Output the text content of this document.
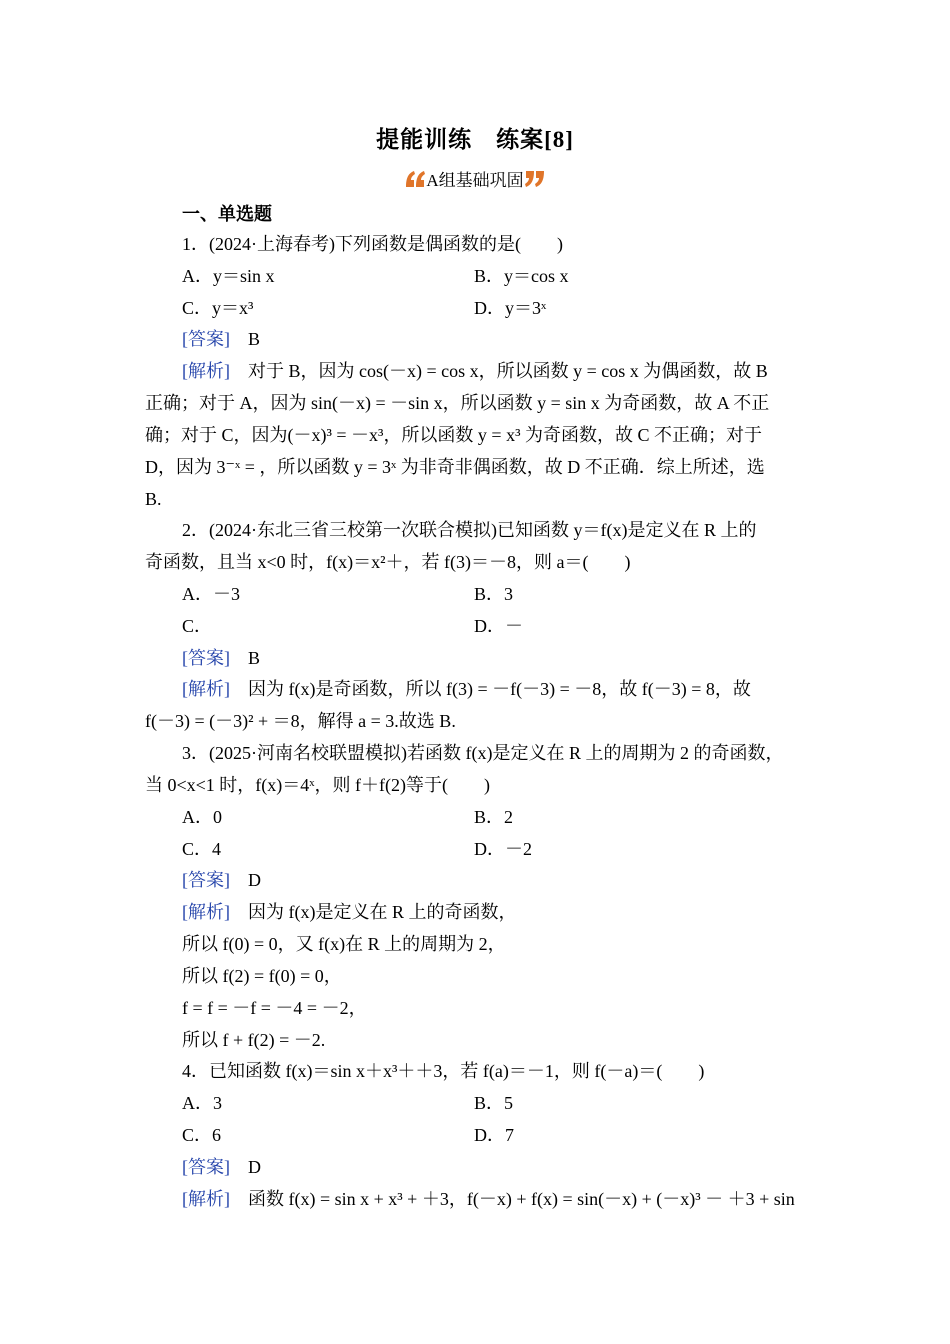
提能训练　练案[8]
A组基础巩固
一、单选题
1．(2024·上海春考)下列函数是偶函数的是(　　)
A．y＝sin x	B．y＝cos x
C．y＝x³	D．y＝3ˣ
[答案]　 B
[解析]　 对于 B，因为 cos(－x) = cos x，所以函数 y = cos x 为偶函数，故 B
正确；对于 A，因为 sin(－x) = －sin x，所以函数 y = sin x 为奇函数，故 A 不正
确；对于 C，因为(－x)³ = －x³，所以函数 y = x³ 为奇函数，故 C 不正确；对于
D，因为 3⁻ˣ = ，所以函数 y = 3ˣ 为非奇非偶函数，故 D 不正确．综上所述，选
B.
2．(2024·东北三省三校第一次联合模拟)已知函数 y＝f(x)是定义在 R 上的
奇函数，且当 x<0 时，f(x)＝x²＋，若 f(3)＝－8，则 a＝(　　)
A．－3	B．3
C．	D．－
[答案]　 B
[解析]　 因为 f(x)是奇函数，所以 f(3) = －f(－3) = －8，故 f(－3) = 8，故
f(－3) = (－3)² + ＝8，解得 a = 3.故选 B.
3．(2025·河南名校联盟模拟)若函数 f(x)是定义在 R 上的周期为 2 的奇函数，
当 0<x<1 时，f(x)＝4ˣ，则 f＋f(2)等于(　　)
A．0	B．2
C．4	D．－2
[答案]　 D
[解析]　 因为 f(x)是定义在 R 上的奇函数，
所以 f(0) = 0，又 f(x)在 R 上的周期为 2，
所以 f(2) = f(0) = 0，
f = f = －f = －4 = －2，
所以 f + f(2) = －2.
4．已知函数 f(x)＝sin x＋x³＋＋3，若 f(a)＝－1，则 f(－a)＝(　　)
A．3	B．5
C．6	D．7
[答案]　 D
[解析]　 函数 f(x) = sin x + x³ + ＋3，f(－x) + f(x) = sin(－x) + (－x)³ － ＋3 + sin
